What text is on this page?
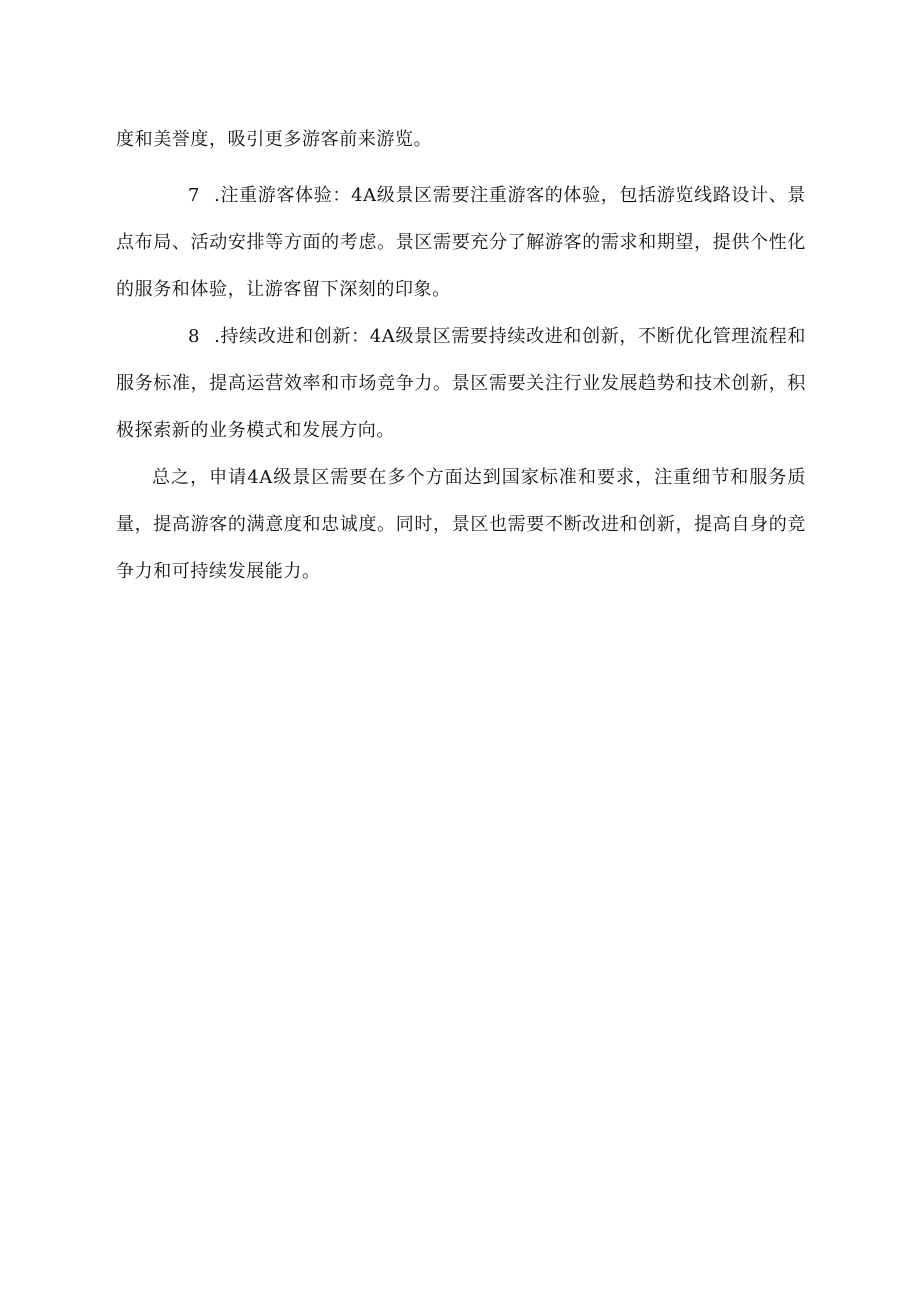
度和美誉度，吸引更多游客前来游览。

7 .注重游客体验：4A级景区需要注重游客的体验，包括游览线路设计、景点布局、活动安排等方面的考虑。景区需要充分了解游客的需求和期望，提供个性化的服务和体验，让游客留下深刻的印象。

8 .持续改进和创新：4A级景区需要持续改进和创新，不断优化管理流程和服务标准，提高运营效率和市场竞争力。景区需要关注行业发展趋势和技术创新，积极探索新的业务模式和发展方向。

总之，申请4A级景区需要在多个方面达到国家标准和要求，注重细节和服务质量，提高游客的满意度和忠诚度。同时，景区也需要不断改进和创新，提高自身的竞争力和可持续发展能力。
